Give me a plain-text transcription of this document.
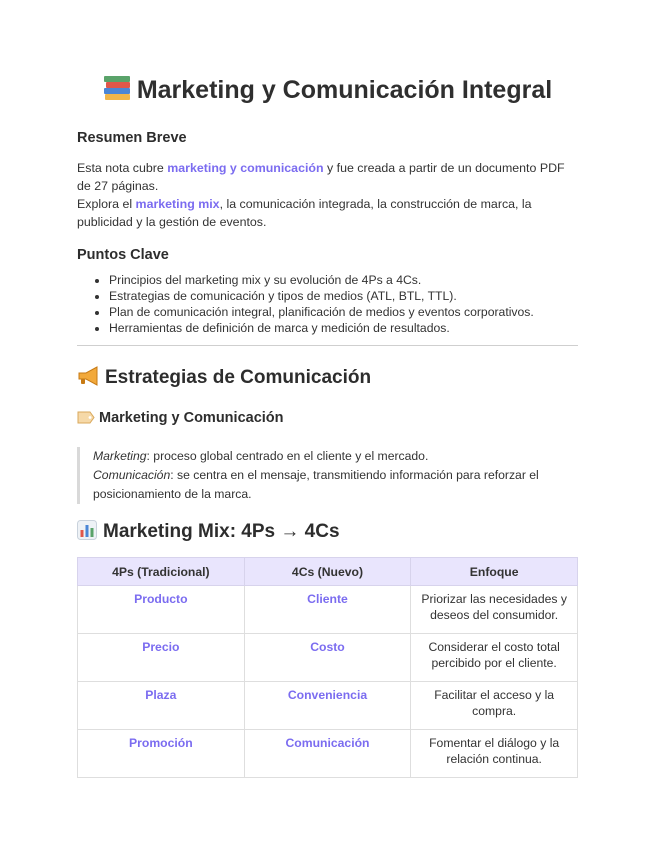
Marketing y Comunicación Integral
Resumen Breve
Esta nota cubre marketing y comunicación y fue creada a partir de un documento PDF de 27 páginas.
Explora el marketing mix, la comunicación integrada, la construcción de marca, la publicidad y la gestión de eventos.
Puntos Clave
• Principios del marketing mix y su evolución de 4Ps a 4Cs.
• Estrategias de comunicación y tipos de medios (ATL, BTL, TTL).
• Plan de comunicación integral, planificación de medios y eventos corporativos.
• Herramientas de definición de marca y medición de resultados.
Estrategias de Comunicación
Marketing y Comunicación
Marketing: proceso global centrado en el cliente y el mercado.
Comunicación: se centra en el mensaje, transmitiendo información para reforzar el posicionamiento de la marca.
Marketing Mix: 4Ps → 4Cs
4Ps (Tradicional)	4Cs (Nuevo)	Enfoque
Producto	Cliente	Priorizar las necesidades y deseos del consumidor.
Precio	Costo	Considerar el costo total percibido por el cliente.
Plaza	Conveniencia	Facilitar el acceso y la compra.
Promoción	Comunicación	Fomentar el diálogo y la relación continua.
